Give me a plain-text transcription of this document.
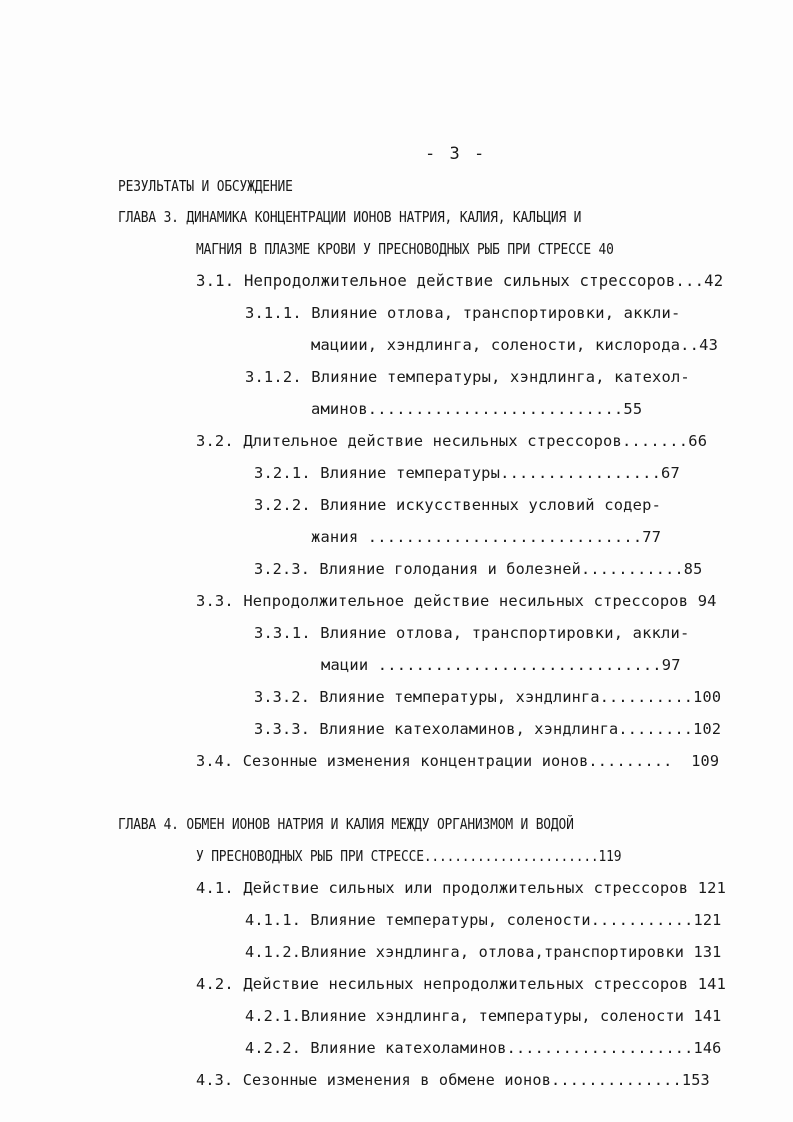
- 3 -
РЕЗУЛЬТАТЫ И ОБСУЖДЕНИЕ
ГЛАВА 3. ДИНАМИКА КОНЦЕНТРАЦИИ ИОНОВ НАТРИЯ, КАЛИЯ, КАЛЬЦИЯ И
МАГНИЯ В ПЛАЗМЕ КРОВИ У ПРЕСНОВОДНЫХ РЫБ ПРИ СТРЕССЕ 40
3.1. Непродолжительное действие сильных стрессоров...42
3.1.1. Влияние отлова, транспортировки, аккли-
мациии, хэндлинга, солености, кислорода..43
3.1.2. Влияние температуры, хэндлинга, катехол-
аминов...........................55
3.2. Длительное действие несильных стрессоров.......66
3.2.1. Влияние температуры.................67
3.2.2. Влияние искусственных условий содер-
жания .............................77
3.2.3. Влияние голодания и болезней...........85
3.3. Непродолжительное действие несильных стрессоров 94
3.3.1. Влияние отлова, транспортировки, аккли-
мации ..............................97
3.3.2. Влияние температуры, хэндлинга..........100
3.3.3. Влияние катехоламинов, хэндлинга........102
3.4. Сезонные изменения концентрации ионов.........  109
ГЛАВА 4. ОБМЕН ИОНОВ НАТРИЯ И КАЛИЯ МЕЖДУ ОРГАНИЗМОМ И ВОДОЙ
У ПРЕСНОВОДНЫХ РЫБ ПРИ СТРЕССЕ.......................119
4.1. Действие сильных или продолжительных стрессоров 121
4.1.1. Влияние температуры, солености...........121
4.1.2.Влияние хэндлинга, отлова,транспортировки 131
4.2. Действие несильных непродолжительных стрессоров 141
4.2.1.Влияние хэндлинга, температуры, солености 141
4.2.2. Влияние катехоламинов....................146
4.3. Сезонные изменения в обмене ионов..............153
